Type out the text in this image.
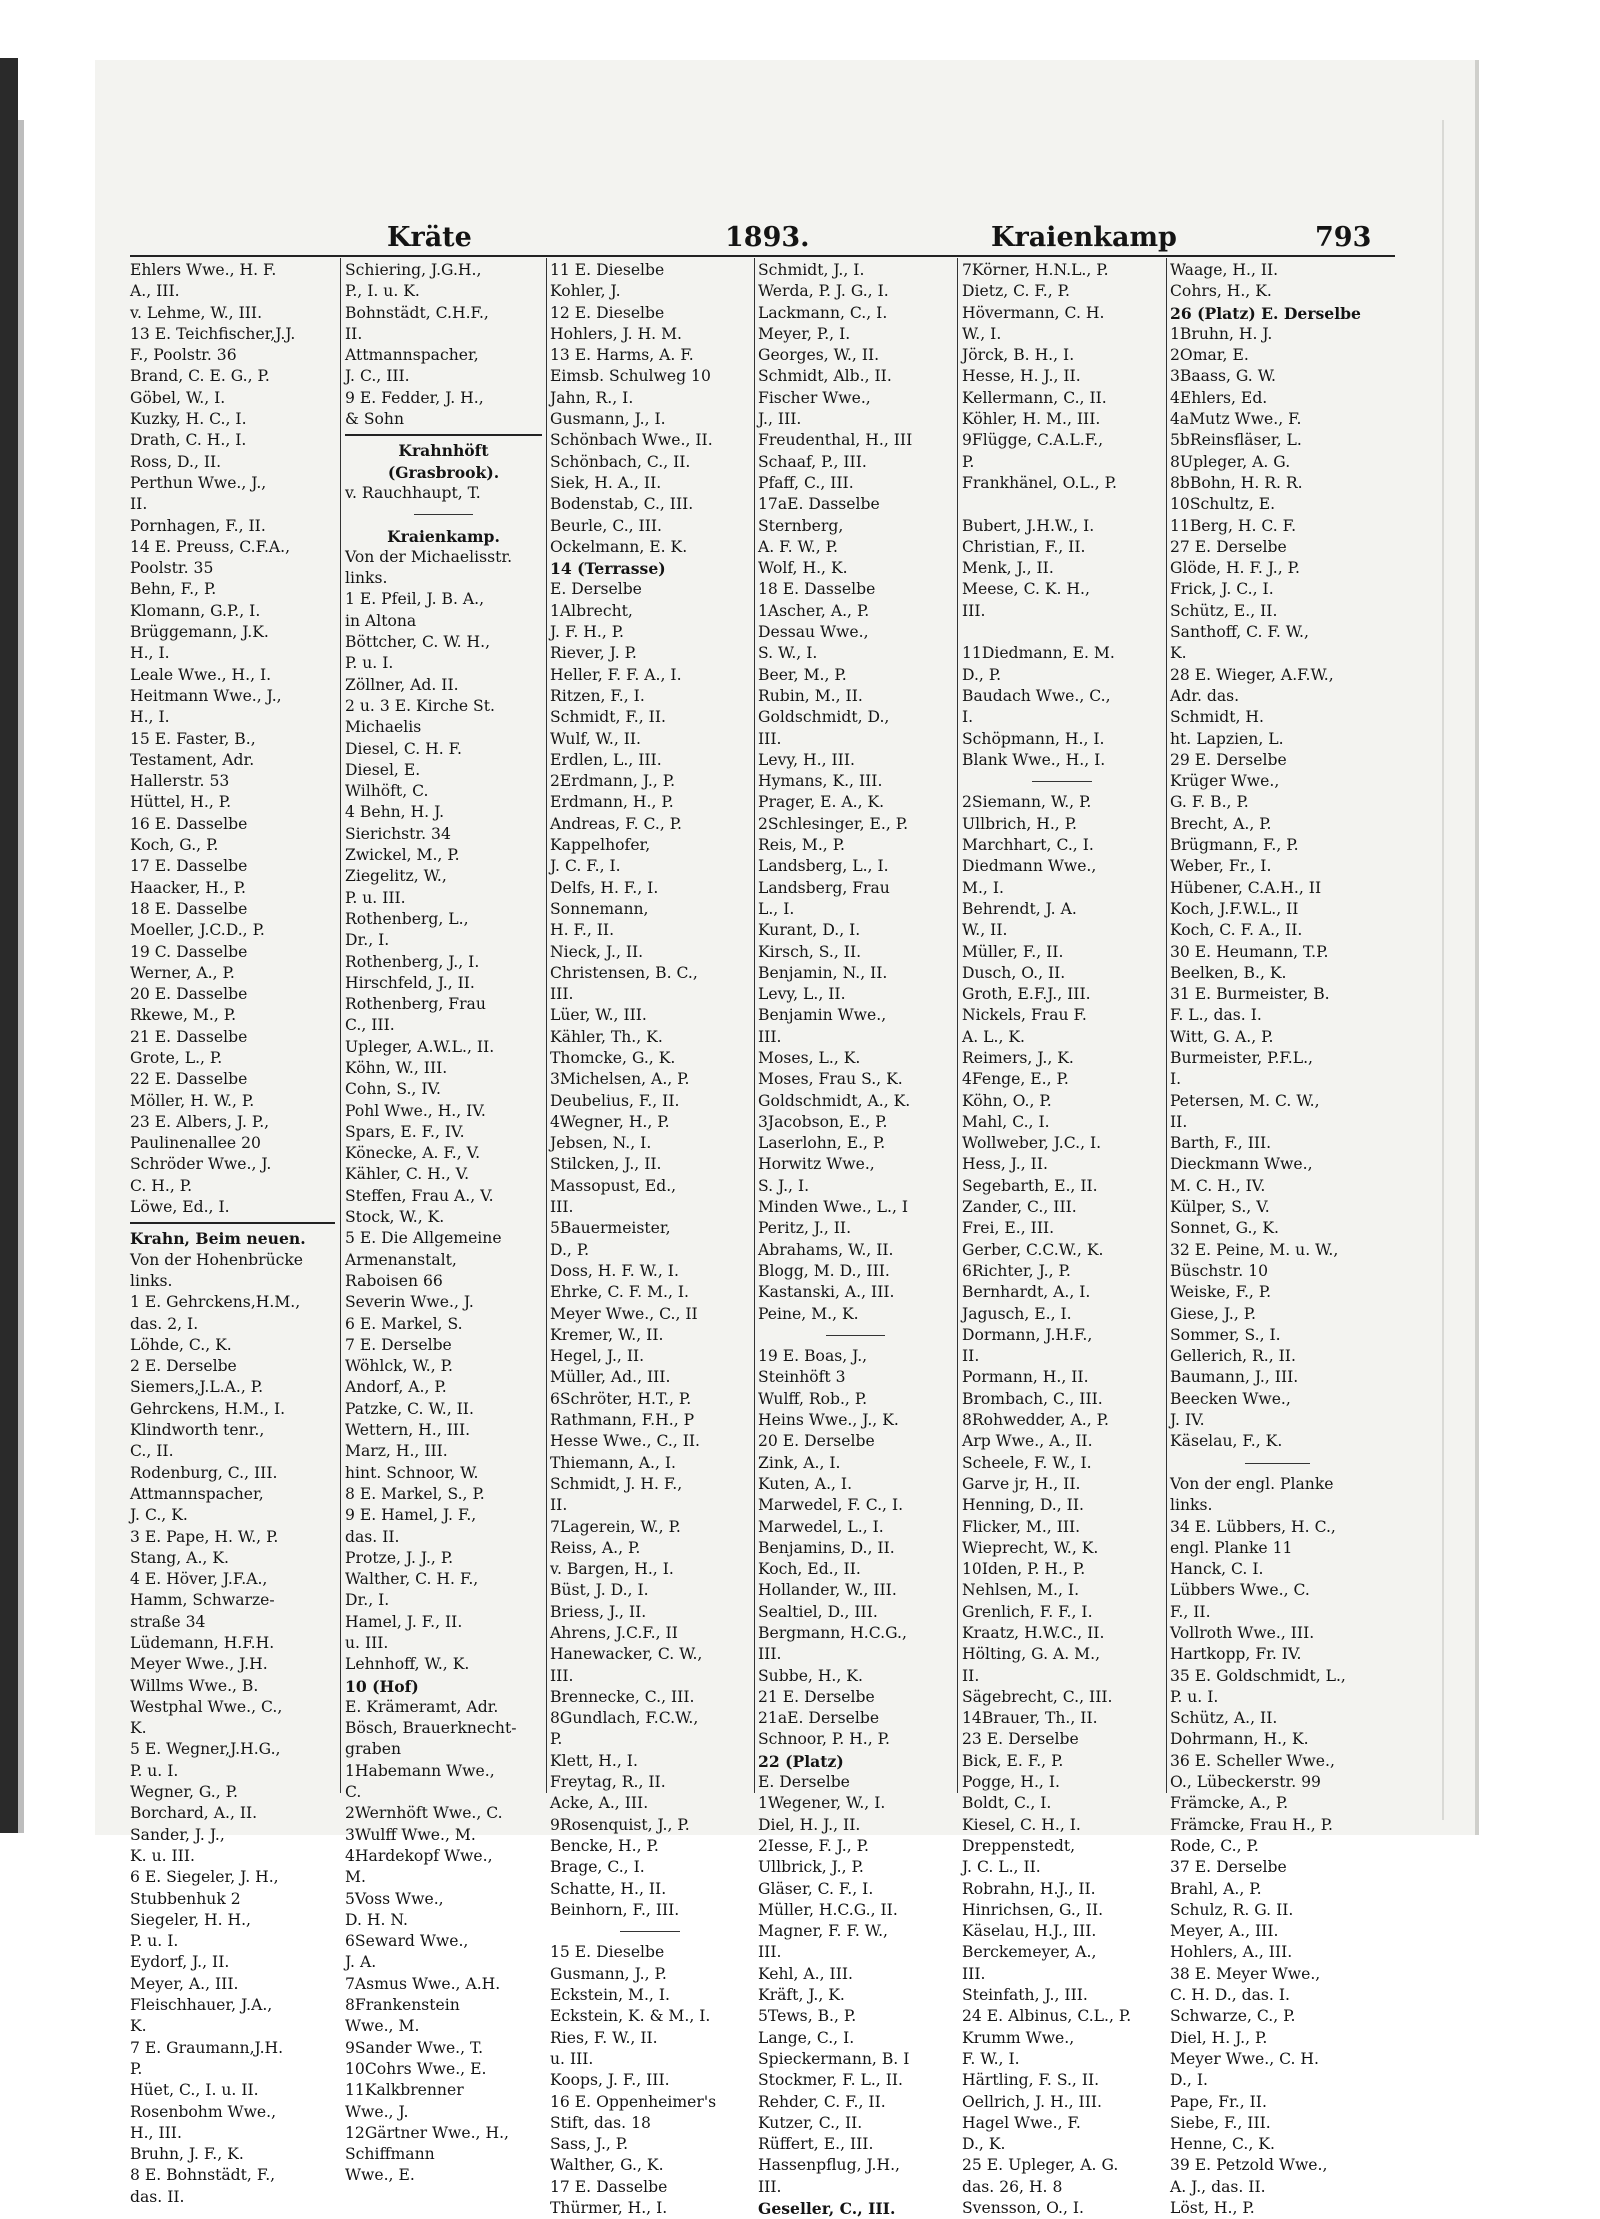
Kräte	1893.	Kraienkamp	793
Ehlers Wwe., H. F.
A., III.
v. Lehme, W., III.
13 E. Teichfischer,J.J.
F., Poolstr. 36
Brand, C. E. G., P.
Göbel, W., I.
Kuzky, H. C., I.
Drath, C. H., I.
Ross, D., II.
Perthun Wwe., J.,
II.
Pornhagen, F., II.
14 E. Preuss, C.F.A.,
Poolstr. 35
Behn, F., P.
Klomann, G.P., I.
Brüggemann, J.K.
H., I.
Leale Wwe., H., I.
Heitmann Wwe., J.,
H., I.
15 E. Faster, B.,
Testament, Adr.
Hallerstr. 53
Hüttel, H., P.
16 E. Dasselbe
Koch, G., P.
17 E. Dasselbe
Haacker, H., P.
18 E. Dasselbe
Moeller, J.C.D., P.
19 C. Dasselbe
Werner, A., P.
20 E. Dasselbe
Rkewe, M., P.
21 E. Dasselbe
Grote, L., P.
22 E. Dasselbe
Möller, H. W., P.
23 E. Albers, J. P.,
Paulinenallee 20
Schröder Wwe., J.
C. H., P.
Löwe, Ed., I.
Krahn, Beim neuen.
Von der Hohenbrücke
links.
1 E. Gehrckens,H.M.,
das. 2, I.
Löhde, C., K.
2 E. Derselbe
Siemers,J.L.A., P.
Gehrckens, H.M., I.
Klindworth tenr.,
C., II.
Rodenburg, C., III.
Attmannspacher,
J. C., K.
3 E. Pape, H. W., P.
Stang, A., K.
4 E. Höver, J.F.A.,
Hamm, Schwarze-
straße 34
Lüdemann, H.F.H.
Meyer Wwe., J.H.
Willms Wwe., B.
Westphal Wwe., C.,
K.
5 E. Wegner,J.H.G.,
P. u. I.
Wegner, G., P.
Borchard, A., II.
Sander, J. J.,
K. u. III.
6 E. Siegeler, J. H.,
Stubbenhuk 2
Siegeler, H. H.,
P. u. I.
Eydorf, J., II.
Meyer, A., III.
Fleischhauer, J.A.,
K.
7 E. Graumann,J.H.
P.
Hüet, C., I. u. II.
Rosenbohm Wwe.,
H., III.
Bruhn, J. F., K.
8 E. Bohnstädt, F.,
das. II.
Schiering, J.G.H.,
P., I. u. K.
Bohnstädt, C.H.F.,
II.
Attmannspacher,
J. C., III.
9 E. Fedder, J. H.,
& Sohn
Krahnhöft
(Grasbrook).
v. Rauchhaupt, T.
Kraienkamp.
Von der Michaelisstr.
links.
1 E. Pfeil, J. B. A.,
in Altona
Böttcher, C. W. H.,
P. u. I.
Zöllner, Ad. II.
2 u. 3 E. Kirche St.
Michaelis
Diesel, C. H. F.
Diesel, E.
Wilhöft, C.
4 Behn, H. J.
Sierichstr. 34
Zwickel, M., P.
Ziegelitz, W.,
P. u. III.
Rothenberg, L.,
Dr., I.
Rothenberg, J., I.
Hirschfeld, J., II.
Rothenberg, Frau
C., III.
Upleger, A.W.L., II.
Köhn, W., III.
Cohn, S., IV.
Pohl Wwe., H., IV.
Spars, E. F., IV.
Könecke, A. F., V.
Kähler, C. H., V.
Steffen, Frau A., V.
Stock, W., K.
5 E. Die Allgemeine
Armenanstalt,
Raboisen 66
Severin Wwe., J.
6 E. Markel, S.
7 E. Derselbe
Wöhlck, W., P.
Andorf, A., P.
Patzke, C. W., II.
Wettern, H., III.
Marz, H., III.
hint. Schnoor, W.
8 E. Markel, S., P.
9 E. Hamel, J. F.,
das. II.
Protze, J. J., P.
Walther, C. H. F.,
Dr., I.
Hamel, J. F., II.
u. III.
Lehnhoff, W., K.
10 (Hof)
E. Krämeramt, Adr.
Bösch, Brauerknecht-
graben
1Habemann Wwe.,
C.
2Wernhöft Wwe., C.
3Wulff Wwe., M.
4Hardekopf Wwe.,
M.
5Voss Wwe.,
D. H. N.
6Seward Wwe.,
J. A.
7Asmus Wwe., A.H.
8Frankenstein
Wwe., M.
9Sander Wwe., T.
10Cohrs Wwe., E.
11Kalkbrenner
Wwe., J.
12Gärtner Wwe., H.,
Schiffmann
Wwe., E.
11 E. Dieselbe
Kohler, J.
12 E. Dieselbe
Hohlers, J. H. M.
13 E. Harms, A. F.
Eimsb. Schulweg 10
Jahn, R., I.
Gusmann, J., I.
Schönbach Wwe., II.
Schönbach, C., II.
Siek, H. A., II.
Bodenstab, C., III.
Beurle, C., III.
Ockelmann, E. K.
14 (Terrasse)
E. Derselbe
1Albrecht,
J. F. H., P.
Riever, J. P.
Heller, F. F. A., I.
Ritzen, F., I.
Schmidt, F., II.
Wulf, W., II.
Erdlen, L., III.
2Erdmann, J., P.
Erdmann, H., P.
Andreas, F. C., P.
Kappelhofer,
J. C. F., I.
Delfs, H. F., I.
Sonnemann,
H. F., II.
Nieck, J., II.
Christensen, B. C.,
III.
Lüer, W., III.
Kähler, Th., K.
Thomcke, G., K.
3Michelsen, A., P.
Deubelius, F., II.
4Wegner, H., P.
Jebsen, N., I.
Stilcken, J., II.
Massopust, Ed.,
III.
5Bauermeister,
D., P.
Doss, H. F. W., I.
Ehrke, C. F. M., I.
Meyer Wwe., C., II
Kremer, W., II.
Hegel, J., II.
Müller, Ad., III.
6Schröter, H.T., P.
Rathmann, F.H., P
Hesse Wwe., C., II.
Thiemann, A., I.
Schmidt, J. H. F.,
II.
7Lagerein, W., P.
Reiss, A., P.
v. Bargen, H., I.
Büst, J. D., I.
Briess, J., II.
Ahrens, J.C.F., II
Hanewacker, C. W.,
III.
Brennecke, C., III.
8Gundlach, F.C.W.,
P.
Klett, H., I.
Freytag, R., II.
Acke, A., III.
9Rosenquist, J., P.
Bencke, H., P.
Brage, C., I.
Schatte, H., II.
Beinhorn, F., III.
15 E. Dieselbe
Gusmann, J., P.
Eckstein, M., I.
Eckstein, K. & M., I.
Ries, F. W., II.
u. III.
Koops, J. F., III.
16 E. Oppenheimer's
Stift, das. 18
Sass, J., P.
Walther, G., K.
17 E. Dasselbe
Thürmer, H., I.
Schmidt, J., I.
Werda, P. J. G., I.
Lackmann, C., I.
Meyer, P., I.
Georges, W., II.
Schmidt, Alb., II.
Fischer Wwe.,
J., III.
Freudenthal, H., III
Schaaf, P., III.
Pfaff, C., III.
17aE. Dasselbe
Sternberg,
A. F. W., P.
Wolf, H., K.
18 E. Dasselbe
1Ascher, A., P.
Dessau Wwe.,
S. W., I.
Beer, M., P.
Rubin, M., II.
Goldschmidt, D.,
III.
Levy, H., III.
Hymans, K., III.
Prager, E. A., K.
2Schlesinger, E., P.
Reis, M., P.
Landsberg, L., I.
Landsberg, Frau
L., I.
Kurant, D., I.
Kirsch, S., II.
Benjamin, N., II.
Levy, L., II.
Benjamin Wwe.,
III.
Moses, L., K.
Moses, Frau S., K.
Goldschmidt, A., K.
3Jacobson, E., P.
Laserlohn, E., P.
Horwitz Wwe.,
S. J., I.
Minden Wwe., L., I
Peritz, J., II.
Abrahams, W., II.
Blogg, M. D., III.
Kastanski, A., III.
Peine, M., K.
19 E. Boas, J.,
Steinhöft 3
Wulff, Rob., P.
Heins Wwe., J., K.
20 E. Derselbe
Zink, A., I.
Kuten, A., I.
Marwedel, F. C., I.
Marwedel, L., I.
Benjamins, D., II.
Koch, Ed., II.
Hollander, W., III.
Sealtiel, D., III.
Bergmann, H.C.G.,
III.
Subbe, H., K.
21 E. Derselbe
21aE. Derselbe
Schnoor, P. H., P.
22 (Platz)
E. Derselbe
1Wegener, W., I.
Diel, H. J., II.
2Iesse, F. J., P.
Ullbrick, J., P.
Gläser, C. F., I.
Müller, H.C.G., II.
Magner, F. F. W.,
III.
Kehl, A., III.
Kräft, J., K.
5Tews, B., P.
Lange, C., I.
Spieckermann, B. I
Stockmer, F. L., II.
Rehder, C. F., II.
Kutzer, C., II.
Rüffert, E., III.
Hassenpflug, J.H.,
III.
Geseller, C., III.
7Körner, H.N.L., P.
Dietz, C. F., P.
Hövermann, C. H.
W., I.
Jörck, B. H., I.
Hesse, H. J., II.
Kellermann, C., II.
Köhler, H. M., III.
9Flügge, C.A.L.F.,
P.
Frankhänel, O.L., P.
Bubert, J.H.W., I.
Christian, F., II.
Menk, J., II.
Meese, C. K. H.,
III.
11Diedmann, E. M.
D., P.
Baudach Wwe., C.,
I.
Schöpmann, H., I.
Blank Wwe., H., I.
2Siemann, W., P.
Ullbrich, H., P.
Marchhart, C., I.
Diedmann Wwe.,
M., I.
Behrendt, J. A.
W., II.
Müller, F., II.
Dusch, O., II.
Groth, E.F.J., III.
Nickels, Frau F.
A. L., K.
Reimers, J., K.
4Fenge, E., P.
Köhn, O., P.
Mahl, C., I.
Wollweber, J.C., I.
Hess, J., II.
Segebarth, E., II.
Zander, C., III.
Frei, E., III.
Gerber, C.C.W., K.
6Richter, J., P.
Bernhardt, A., I.
Jagusch, E., I.
Dormann, J.H.F.,
II.
Pormann, H., II.
Brombach, C., III.
8Rohwedder, A., P.
Arp Wwe., A., II.
Scheele, F. W., I.
Garve jr, H., II.
Henning, D., II.
Flicker, M., III.
Wieprecht, W., K.
10Iden, P. H., P.
Nehlsen, M., I.
Grenlich, F. F., I.
Kraatz, H.W.C., II.
Hölting, G. A. M.,
II.
Sägebrecht, C., III.
14Brauer, Th., II.
23 E. Derselbe
Bick, E. F., P.
Pogge, H., I.
Boldt, C., I.
Kiesel, C. H., I.
Dreppenstedt,
J. C. L., II.
Robrahn, H.J., II.
Hinrichsen, G., II.
Käselau, H.J., III.
Berckemeyer, A.,
III.
Steinfath, J., III.
24 E. Albinus, C.L., P.
Krumm Wwe.,
F. W., I.
Härtling, F. S., II.
Oellrich, J. H., III.
Hagel Wwe., F.
D., K.
25 E. Upleger, A. G.
das. 26, H. 8
Svensson, O., I.
Waage, H., II.
Cohrs, H., K.
26 (Platz) E. Derselbe
1Bruhn, H. J.
2Omar, E.
3Baass, G. W.
4Ehlers, Ed.
4aMutz Wwe., F.
5bReinsfläser, L.
8Upleger, A. G.
8bBohn, H. R. R.
10Schultz, E.
11Berg, H. C. F.
27 E. Derselbe
Glöde, H. F. J., P.
Frick, J. C., I.
Schütz, E., II.
Santhoff, C. F. W.,
K.
28 E. Wieger, A.F.W.,
Adr. das.
Schmidt, H.
ht. Lapzien, L.
29 E. Derselbe
Krüger Wwe.,
G. F. B., P.
Brecht, A., P.
Brügmann, F., P.
Weber, Fr., I.
Hübener, C.A.H., II
Koch, J.F.W.L., II
Koch, C. F. A., II.
30 E. Heumann, T.P.
Beelken, B., K.
31 E. Burmeister, B.
F. L., das. I.
Witt, G. A., P.
Burmeister, P.F.L.,
I.
Petersen, M. C. W.,
II.
Barth, F., III.
Dieckmann Wwe.,
M. C. H., IV.
Külper, S., V.
Sonnet, G., K.
32 E. Peine, M. u. W.,
Büschstr. 10
Weiske, F., P.
Giese, J., P.
Sommer, S., I.
Gellerich, R., II.
Baumann, J., III.
Beecken Wwe.,
J. IV.
Käselau, F., K.
Von der engl. Planke
links.
34 E. Lübbers, H. C.,
engl. Planke 11
Hanck, C. I.
Lübbers Wwe., C.
F., II.
Vollroth Wwe., III.
Hartkopp, Fr. IV.
35 E. Goldschmidt, L.,
P. u. I.
Schütz, A., II.
Dohrmann, H., K.
36 E. Scheller Wwe.,
O., Lübeckerstr. 99
Främcke, A., P.
Främcke, Frau H., P.
Rode, C., P.
37 E. Derselbe
Brahl, A., P.
Schulz, R. G. II.
Meyer, A., III.
Hohlers, A., III.
38 E. Meyer Wwe.,
C. H. D., das. I.
Schwarze, C., P.
Diel, H. J., P.
Meyer Wwe., C. H.
D., I.
Pape, Fr., II.
Siebe, F., III.
Henne, C., K.
39 E. Petzold Wwe.,
A. J., das. II.
Löst, H., P.
